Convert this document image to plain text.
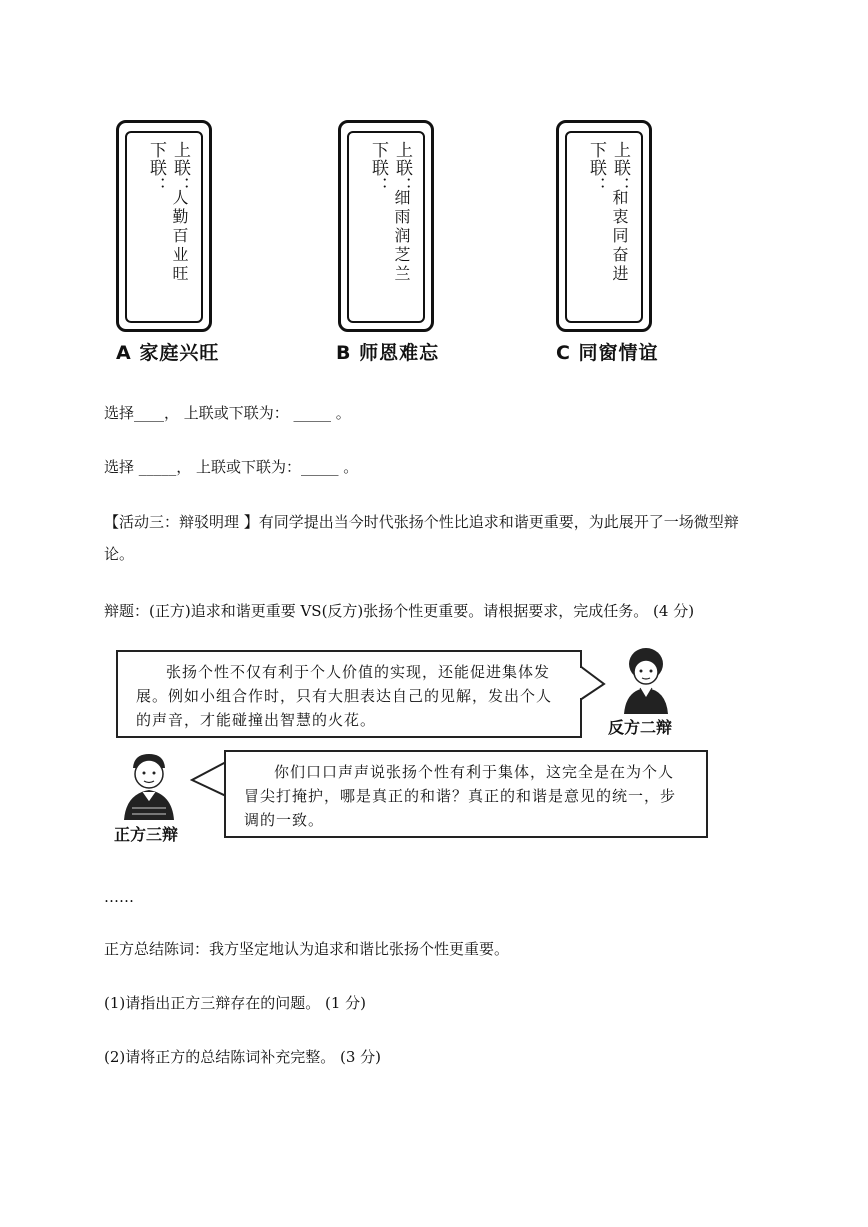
上联：
下联：
人勤百业旺
A 家庭兴旺
上联：
下联：
细雨润芝兰
B 师恩难忘
上联：
下联：
和衷同奋进
C 同窗情谊
选择____， 上联或下联为： _____ 。
选择 _____， 上联或下联为：_____ 。
【活动三：辩驳明理 】有同学提出当今时代张扬个性比追求和谐更重要，为此展开了一场微型辩论。
辩题：(正方)追求和谐更重要 VS(反方)张扬个性更重要。请根据要求，完成任务。 (4 分)
张扬个性不仅有利于个人价值的实现，还能促进集体发展。例如小组合作时，只有大胆表达自己的见解，发出个人的声音，才能碰撞出智慧的火花。	反方二辩
正方三辩
你们口口声声说张扬个性有利于集体，这完全是在为个人冒尖打掩护，哪是真正的和谐？真正的和谐是意见的统一，步调的一致。
……
正方总结陈词：我方坚定地认为追求和谐比张扬个性更重要。
(1)请指出正方三辩存在的问题。 (1 分)
(2)请将正方的总结陈词补充完整。 (3 分)
